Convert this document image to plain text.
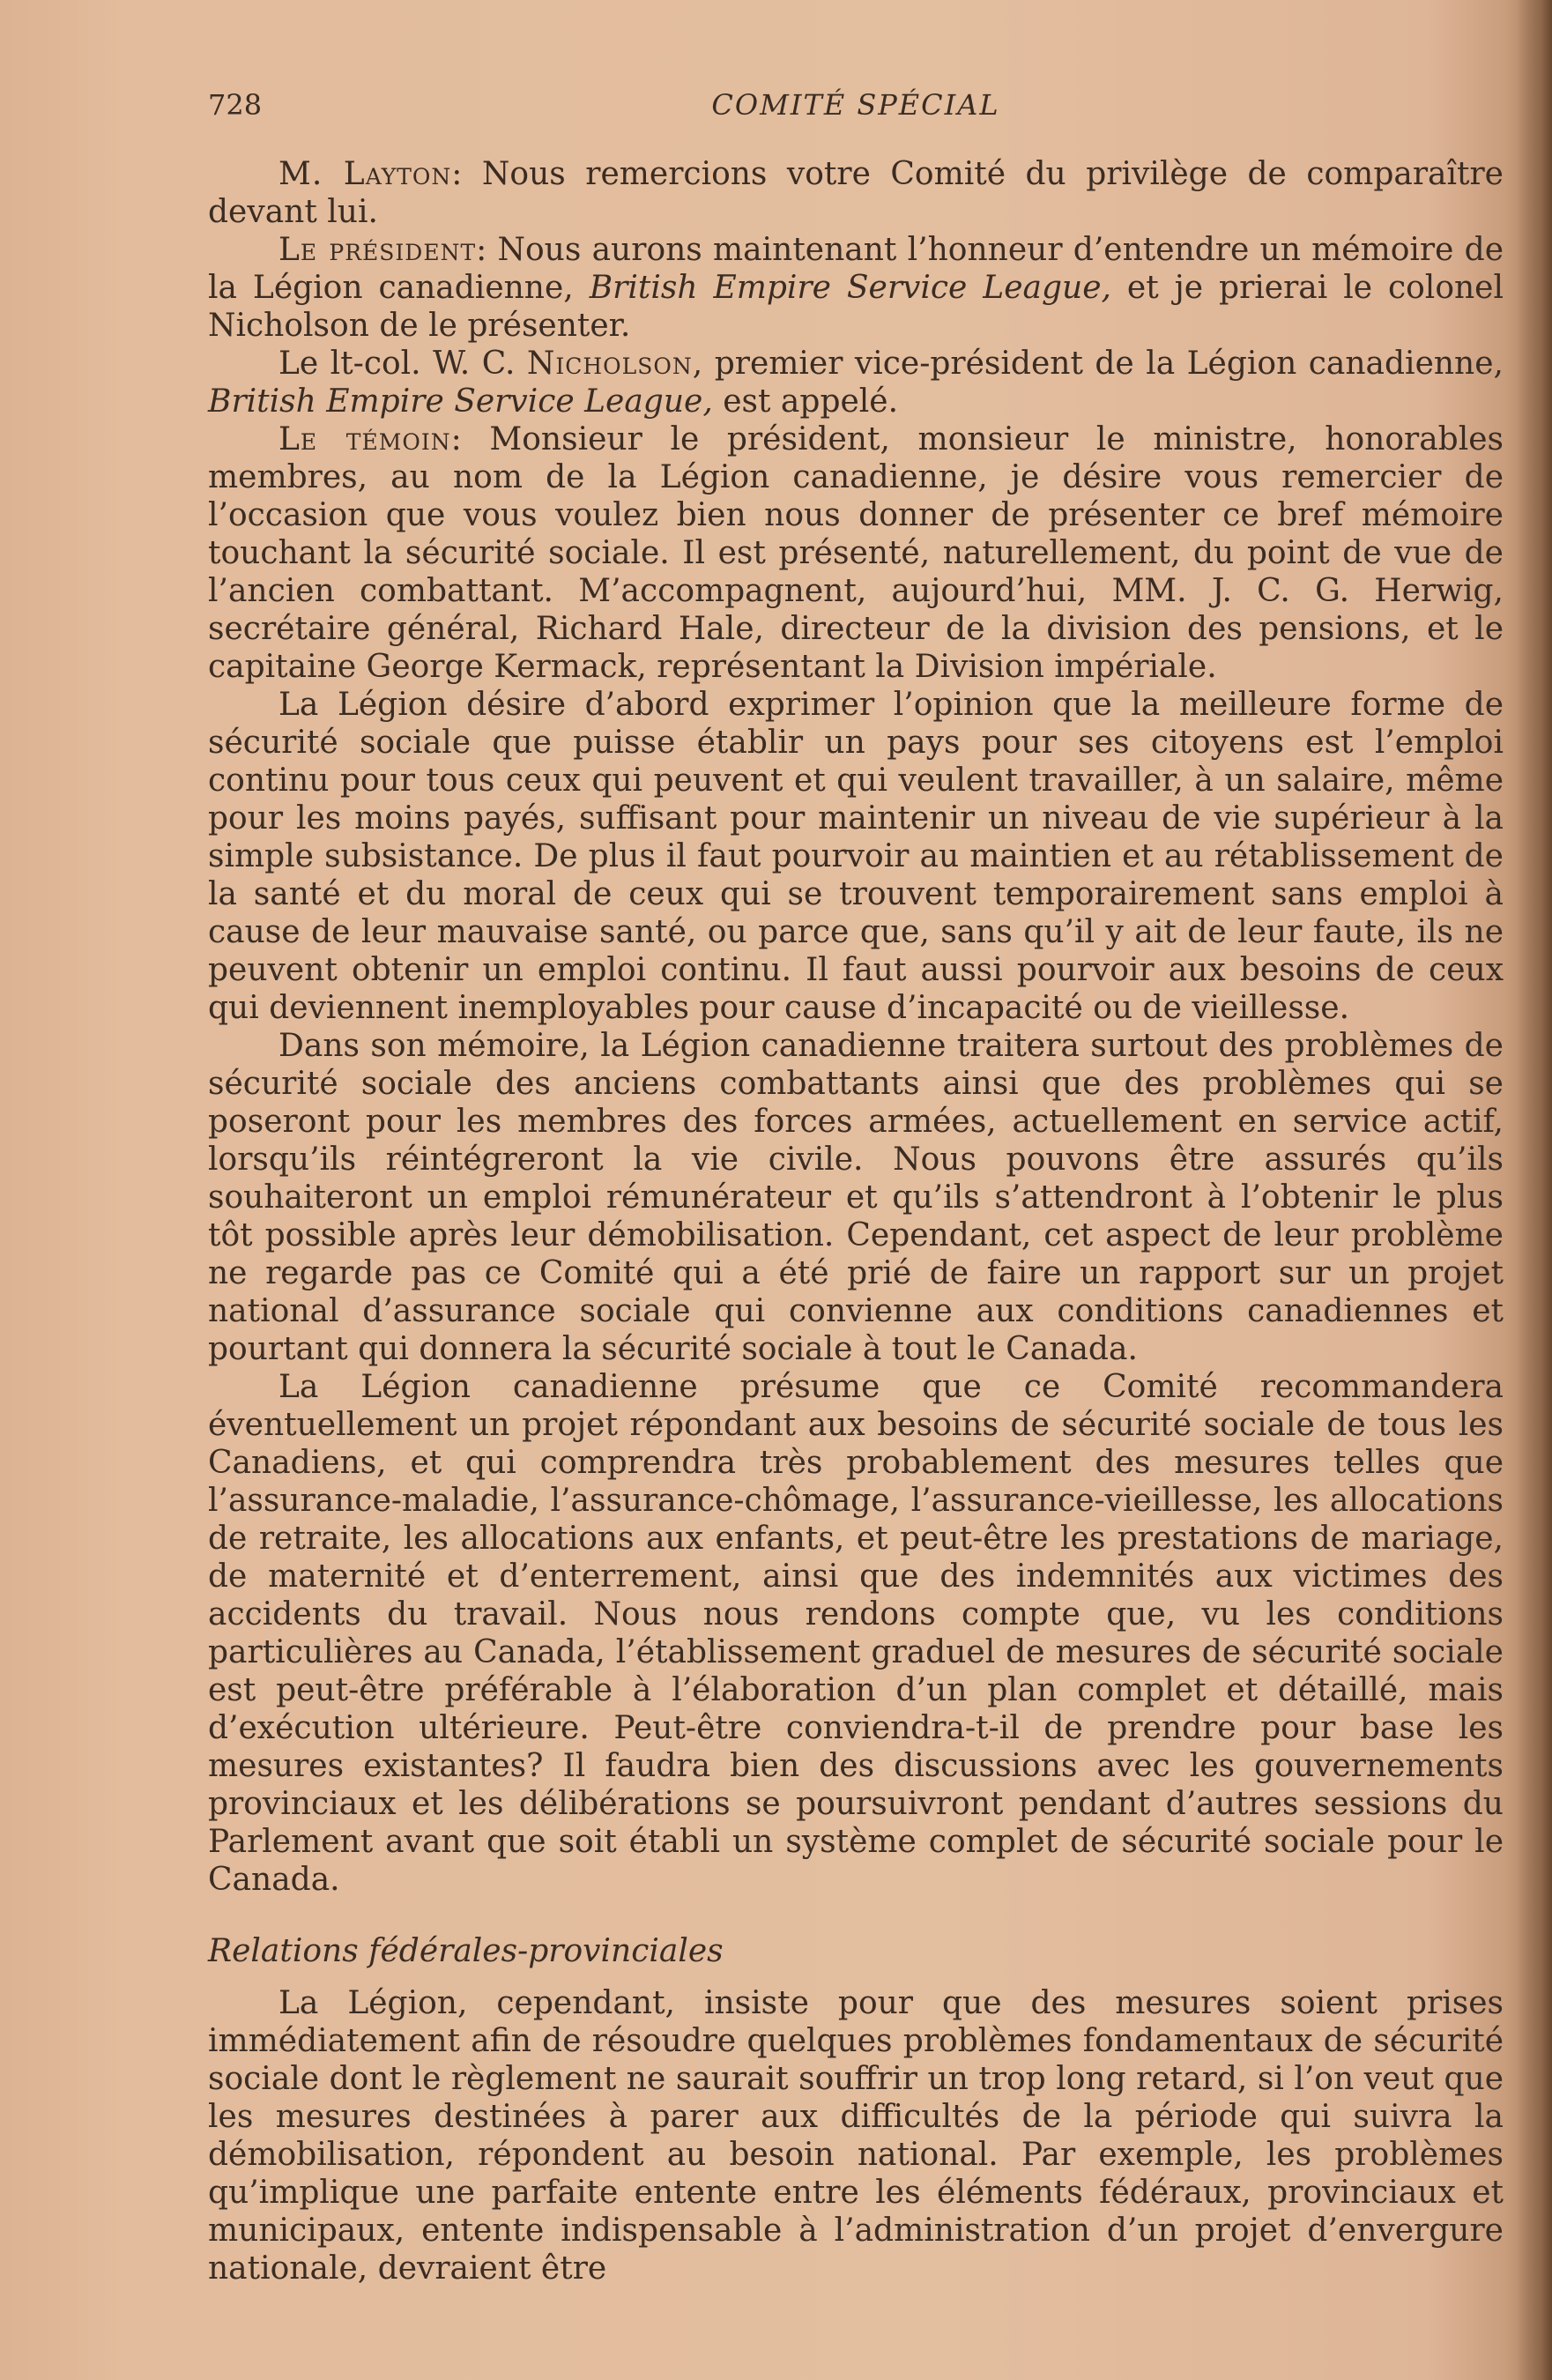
728	COMITÉ SPÉCIAL

M. Layton: Nous remercions votre Comité du privilège de comparaître devant lui.

Le président: Nous aurons maintenant l’honneur d’entendre un mémoire de la Légion canadienne, British Empire Service League, et je prierai le colonel Nicholson de le présenter.

Le lt-col. W. C. Nicholson, premier vice-président de la Légion canadienne, British Empire Service League, est appelé.

Le témoin: Monsieur le président, monsieur le ministre, honorables membres, au nom de la Légion canadienne, je désire vous remercier de l’occasion que vous voulez bien nous donner de présenter ce bref mémoire touchant la sécurité sociale. Il est présenté, naturellement, du point de vue de l’ancien combattant. M’accompagnent, aujourd’hui, MM. J. C. G. Herwig, secrétaire général, Richard Hale, directeur de la division des pensions, et le capitaine George Kermack, représentant la Division impériale.

La Légion désire d’abord exprimer l’opinion que la meilleure forme de sécurité sociale que puisse établir un pays pour ses citoyens est l’emploi continu pour tous ceux qui peuvent et qui veulent travailler, à un salaire, même pour les moins payés, suffisant pour maintenir un niveau de vie supérieur à la simple subsistance. De plus il faut pourvoir au maintien et au rétablissement de la santé et du moral de ceux qui se trouvent temporairement sans emploi à cause de leur mauvaise santé, ou parce que, sans qu’il y ait de leur faute, ils ne peuvent obtenir un emploi continu. Il faut aussi pourvoir aux besoins de ceux qui deviennent inemployables pour cause d’incapacité ou de vieillesse.

Dans son mémoire, la Légion canadienne traitera surtout des problèmes de sécurité sociale des anciens combattants ainsi que des problèmes qui se poseront pour les membres des forces armées, actuellement en service actif, lorsqu’ils réintégreront la vie civile. Nous pouvons être assurés qu’ils souhaiteront un emploi rémunérateur et qu’ils s’attendront à l’obtenir le plus tôt possible après leur démobilisation. Cependant, cet aspect de leur problème ne regarde pas ce Comité qui a été prié de faire un rapport sur un projet national d’assurance sociale qui convienne aux conditions canadiennes et pourtant qui donnera la sécurité sociale à tout le Canada.

La Légion canadienne présume que ce Comité recommandera éventuellement un projet répondant aux besoins de sécurité sociale de tous les Canadiens, et qui comprendra très probablement des mesures telles que l’assurance-maladie, l’assurance-chômage, l’assurance-vieillesse, les allocations de retraite, les allocations aux enfants, et peut-être les prestations de mariage, de maternité et d’enterrement, ainsi que des indemnités aux victimes des accidents du travail. Nous nous rendons compte que, vu les conditions particulières au Canada, l’établissement graduel de mesures de sécurité sociale est peut-être préférable à l’élaboration d’un plan complet et détaillé, mais d’exécution ultérieure. Peut-être conviendra-t-il de prendre pour base les mesures existantes? Il faudra bien des discussions avec les gouvernements provinciaux et les délibérations se poursuivront pendant d’autres sessions du Parlement avant que soit établi un système complet de sécurité sociale pour le Canada.

Relations fédérales-provinciales

La Légion, cependant, insiste pour que des mesures soient prises immédiatement afin de résoudre quelques problèmes fondamentaux de sécurité sociale dont le règlement ne saurait souffrir un trop long retard, si l’on veut que les mesures destinées à parer aux difficultés de la période qui suivra la démobilisation, répondent au besoin national. Par exemple, les problèmes qu’implique une parfaite entente entre les éléments fédéraux, provinciaux et municipaux, entente indispensable à l’administration d’un projet d’envergure nationale, devraient être
